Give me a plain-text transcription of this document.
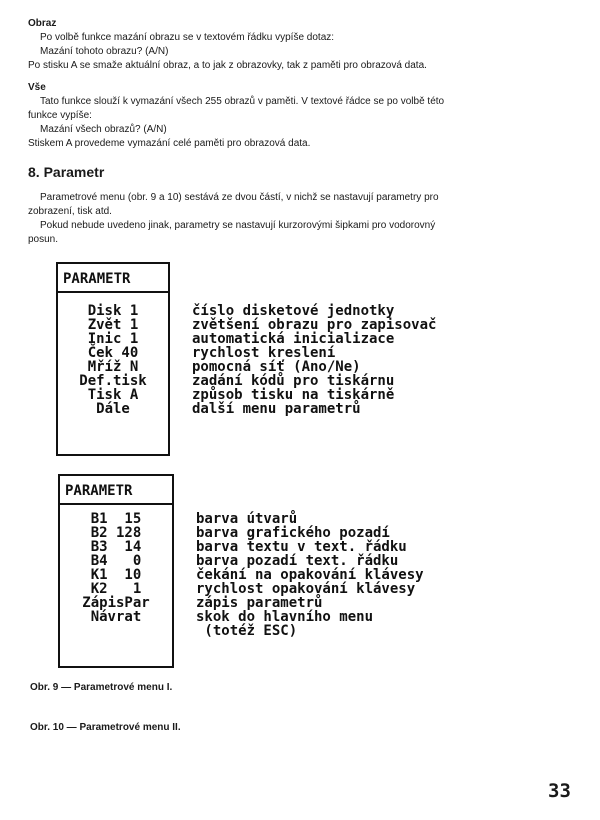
Obraz
Po volbě funkce mazání obrazu se v textovém řádku vypíše dotaz:
Mazání tohoto obrazu? (A/N)
Po stisku A se smaže aktuální obraz, a to jak z obrazovky, tak z paměti pro obrazová data.
Vše
Tato funkce slouží k vymazání všech 255 obrazů v paměti. V textové řádce se po volbě této
funkce vypíše:
Mazání všech obrazů? (A/N)
Stiskem A provedeme vymazání celé paměti pro obrazová data.
8. Parametr
Parametrové menu (obr. 9 a 10) sestává ze dvou částí, v nichž se nastavují parametry pro
zobrazení, tisk atd.
Pokud nebude uvedeno jinak, parametry se nastavují kurzorovými šipkami pro vodorovný
posun.
PARAMETR
Disk 1
Zvět 1
Inic 1
Ček 40
Mříž N
Def.tisk
Tisk A
Dále
číslo disketové jednotky
zvětšení obrazu pro zapisovač
automatická inicializace
rychlost kreslení
pomocná síť (Ano/Ne)
zadání kódů pro tiskárnu
způsob tisku na tiskárně
další menu parametrů
PARAMETR
B1  15
B2 128
B3  14
B4   0
K1  10
K2   1
ZápisPar
Návrat
barva útvarů
barva grafického pozadí
barva textu v text. řádku
barva pozadí text. řádku
čekání na opakování klávesy
rychlost opakování klávesy
zápis parametrů
skok do hlavního menu
(totéž ESC)
Obr. 9 — Parametrové menu I.
Obr. 10 — Parametrové menu II.
33
